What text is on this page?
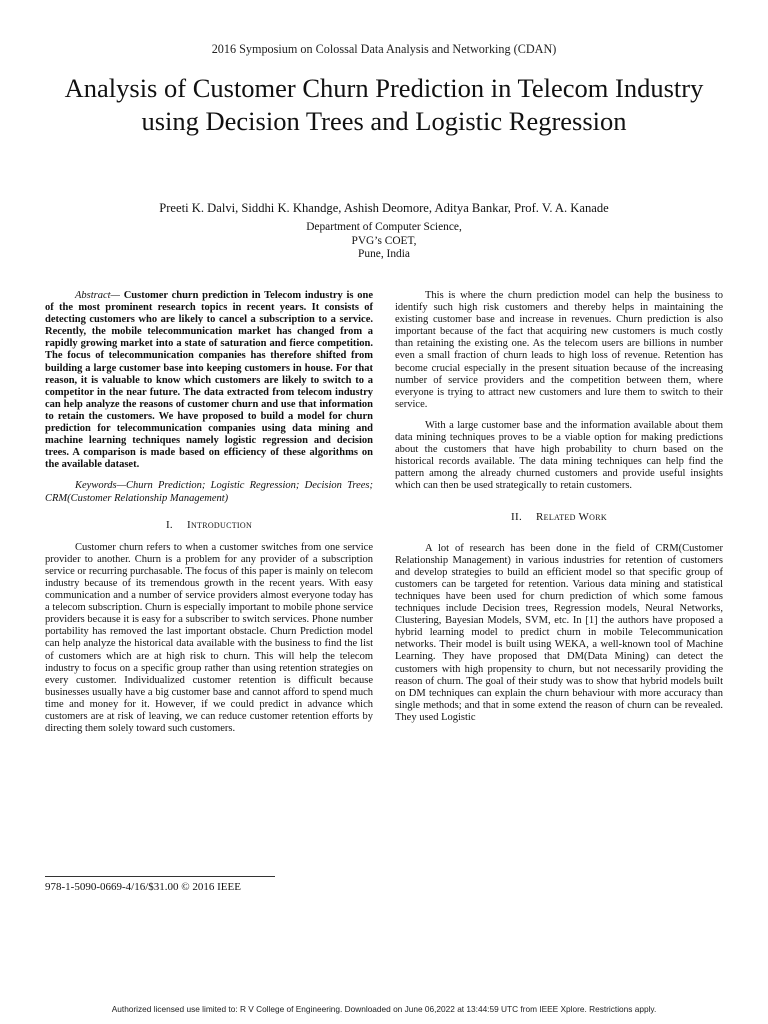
2016 Symposium on Colossal Data Analysis and Networking (CDAN)
Analysis of Customer Churn Prediction in Telecom Industry using Decision Trees and Logistic Regression
Preeti K. Dalvi, Siddhi K. Khandge, Ashish Deomore, Aditya Bankar, Prof. V. A. Kanade
Department of Computer Science,
PVG’s COET,
Pune, India

Abstract— Customer churn prediction in Telecom industry is one of the most prominent research topics in recent years. It consists of detecting customers who are likely to cancel a subscription to a service. Recently, the mobile telecommunication market has changed from a rapidly growing market into a state of saturation and fierce competition. The focus of telecommunication companies has therefore shifted from building a large customer base into keeping customers in house. For that reason, it is valuable to know which customers are likely to switch to a competitor in the near future. The data extracted from telecom industry can help analyze the reasons of customer churn and use that information to retain the customers. We have proposed to build a model for churn prediction for telecommunication companies using data mining and machine learning techniques namely logistic regression and decision trees. A comparison is made based on efficiency of these algorithms on the available dataset.

Keywords—Churn Prediction; Logistic Regression; Decision Trees; CRM(Customer Relationship Management)

I. Introduction

Customer churn refers to when a customer switches from one service provider to another. Churn is a problem for any provider of a subscription service or recurring purchasable. The focus of this paper is mainly on telecom industry because of its tremendous growth in the recent years. With easy communication and a number of service providers almost everyone today has a telecom subscription. Churn is especially important to mobile phone service providers because it is easy for a subscriber to switch services. Phone number portability has removed the last important obstacle. Churn Prediction model can help analyze the historical data available with the business to find the list of customers which are at high risk to churn. This will help the telecom industry to focus on a specific group rather than using retention strategies on every customer. Individualized customer retention is difficult because businesses usually have a big customer base and cannot afford to spend much time and money for it. However, if we could predict in advance which customers are at risk of leaving, we can reduce customer retention efforts by directing them solely toward such customers.

This is where the churn prediction model can help the business to identify such high risk customers and thereby helps in maintaining the existing customer base and increase in revenues. Churn prediction is also important because of the fact that acquiring new customers is much costly than retaining the existing one. As the telecom users are billions in number even a small fraction of churn leads to high loss of revenue. Retention has become crucial especially in the present situation because of the increasing number of service providers and the competition between them, where everyone is trying to attract new customers and lure them to switch to their service.

With a large customer base and the information available about them data mining techniques proves to be a viable option for making predictions about the customers that have high probability to churn based on the historical records available. The data mining techniques can help find the pattern among the already churned customers and provide useful insights which can then be used strategically to retain customers.

II. Related Work

A lot of research has been done in the field of CRM(Customer Relationship Management) in various industries for retention of customers and develop strategies to build an efficient model so that specific group of customers can be targeted for retention. Various data mining and statistical techniques have been used for churn prediction of which some famous techniques include Decision trees, Regression models, Neural Networks, Clustering, Bayesian Models, SVM, etc. In [1] the authors have proposed a hybrid learning model to predict churn in mobile Telecommunication networks. Their model is built using WEKA, a well-known tool of Machine Learning. They have proposed that DM(Data Mining) can detect the customers with high propensity to churn, but not necessarily providing the reason of churn. The goal of their study was to show that hybrid models built on DM techniques can explain the churn behaviour with more accuracy than single methods; and that in some extend the reason of churn can be revealed. They used Logistic

978-1-5090-0669-4/16/$31.00 © 2016 IEEE
Authorized licensed use limited to: R V College of Engineering. Downloaded on June 06,2022 at 13:44:59 UTC from IEEE Xplore. Restrictions apply.
